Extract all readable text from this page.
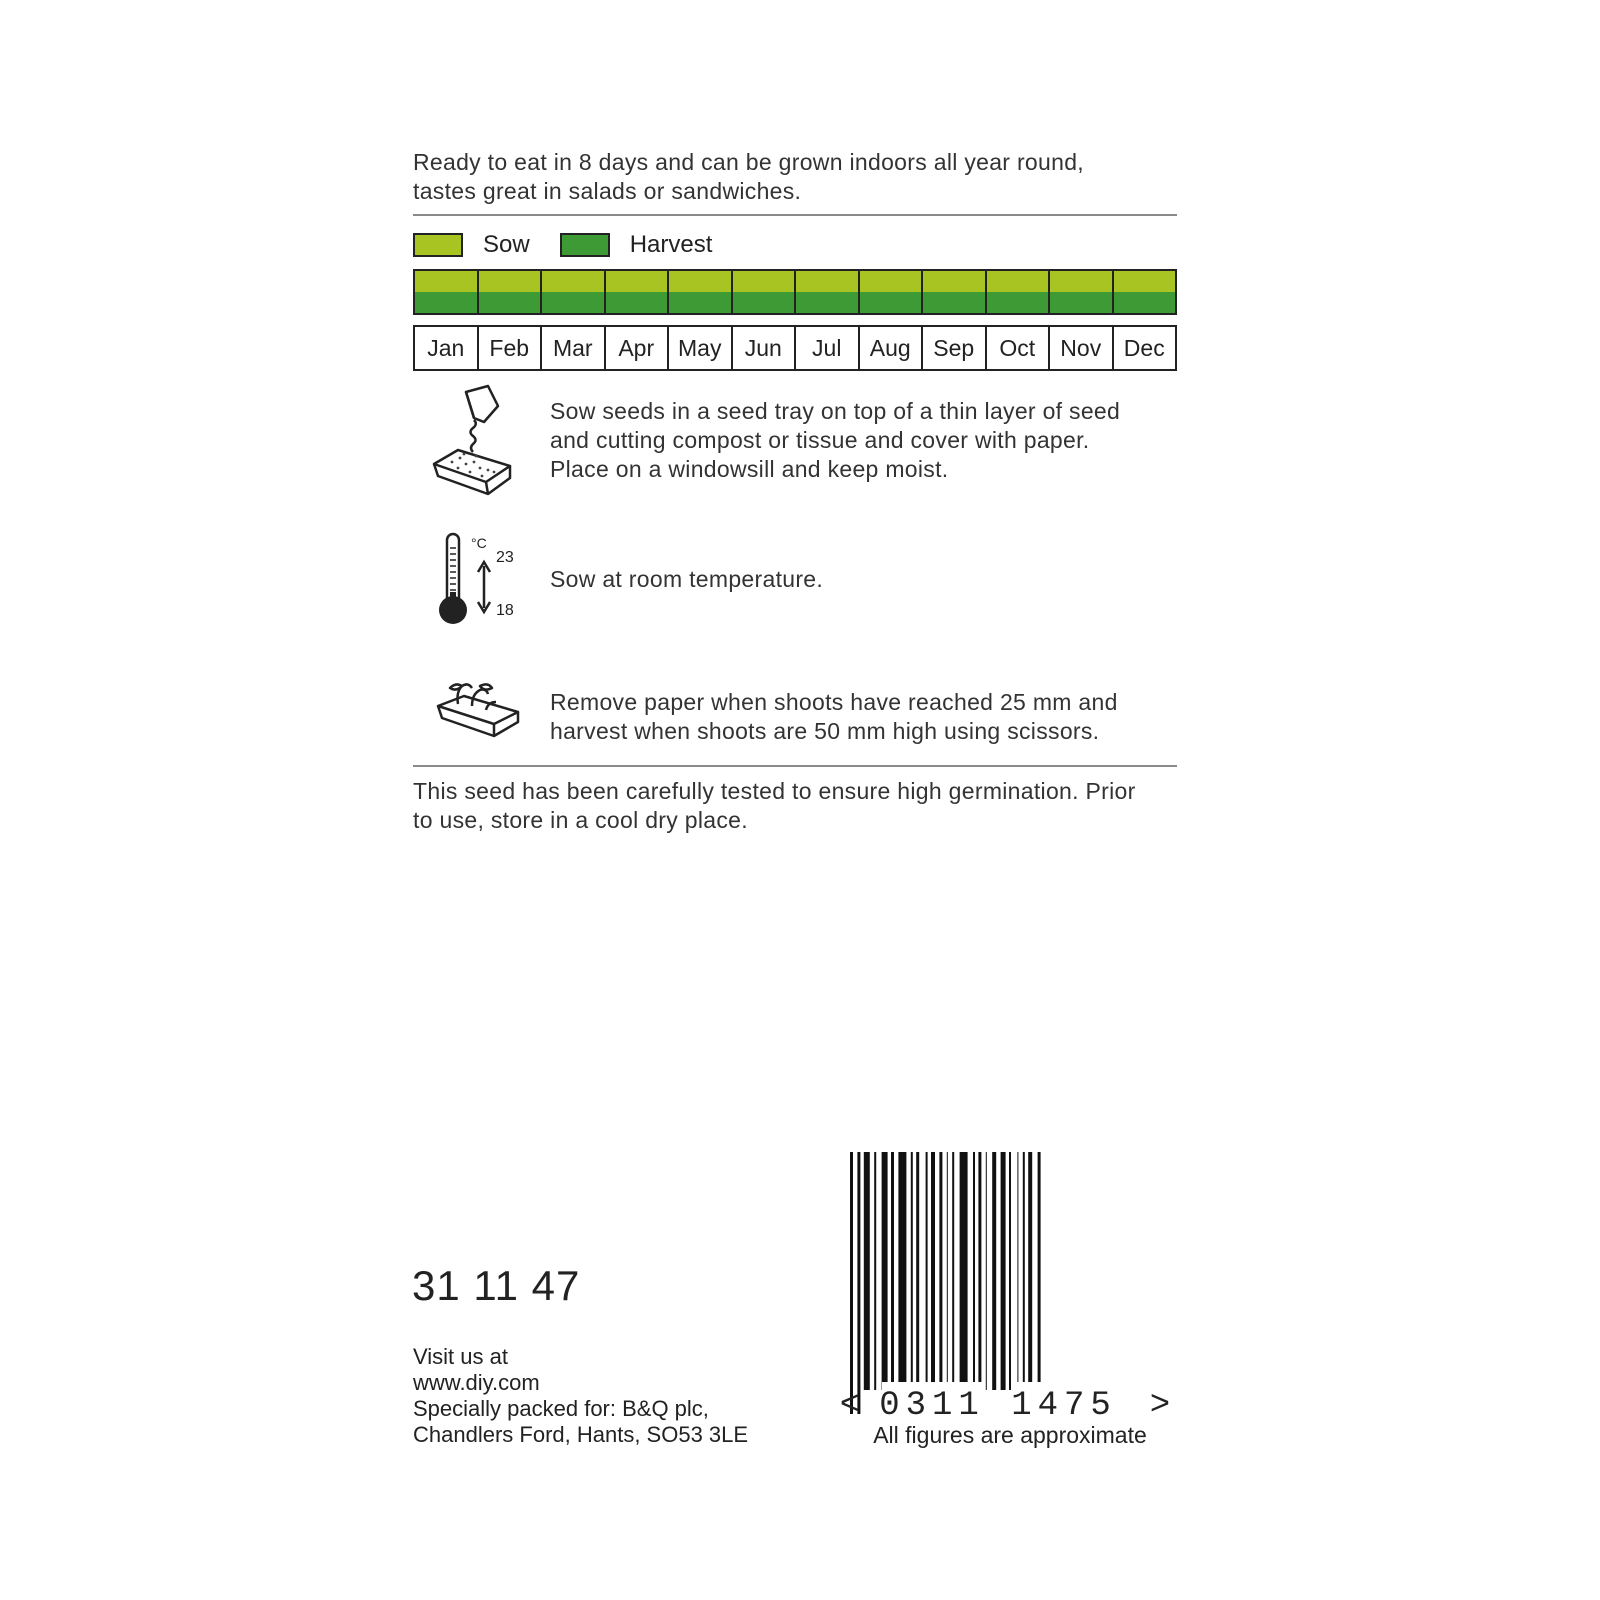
Ready to eat in 8 days and can be grown indoors all year round,
tastes great in salads or sandwiches.
Sow	Harvest
Jan	Feb	Mar	Apr	May	Jun	Jul	Aug Sep	Oct	Nov Dec
Sow seeds in a seed tray on top of a thin layer of seed
and cutting compost or tissue and cover with paper.
Place on a windowsill and keep moist.
°C
23
18
Sow at room temperature.
Remove paper when shoots have reached 25 mm and
harvest when shoots are 50 mm high using scissors.
This seed has been carefully tested to ensure high germination. Prior
to use, store in a cool dry place.
31 11 47
Visit us at
www.diy.com
Specially packed for: B&Q plc,
Chandlers Ford, Hants, SO53 3LE
< 0311 1475 >
All figures are approximate
